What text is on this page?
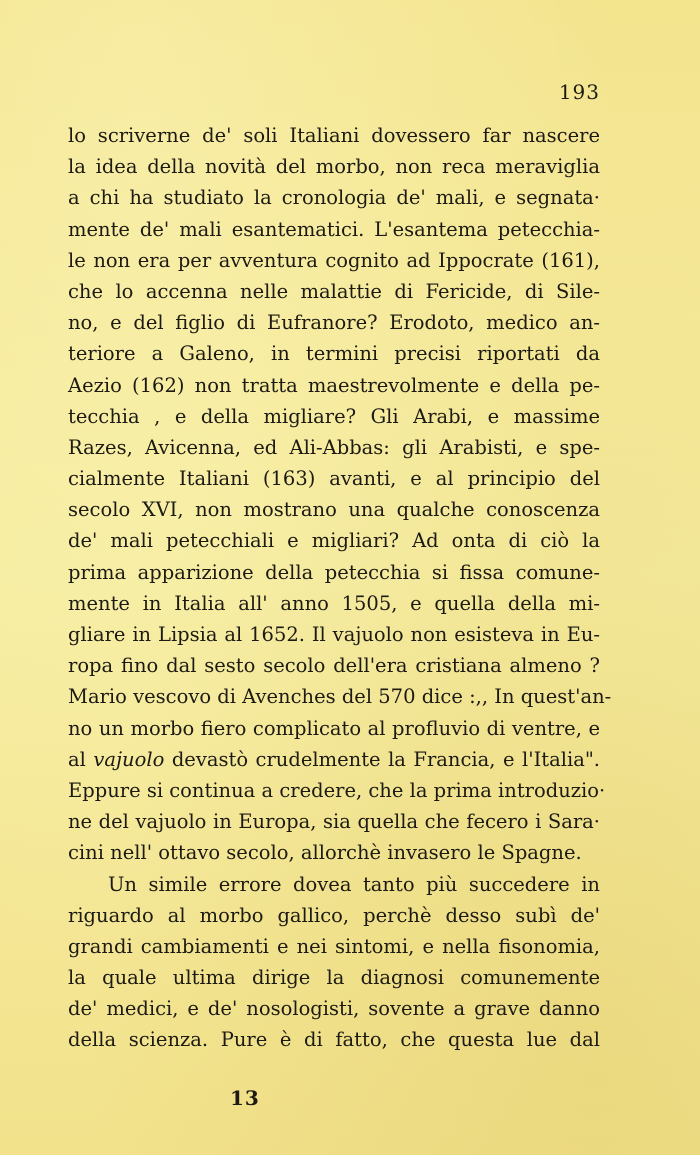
193
lo scriverne de' soli Italiani dovessero far nascere
la idea della novità del morbo, non reca meraviglia
a chi ha studiato la cronologia de' mali, e segnata·
mente de' mali esantematici. L'esantema petecchia-
le non era per avventura cognito ad Ippocrate (161),
che lo accenna nelle malattie di Fericide, di Sile-
no, e del figlio di Eufranore? Erodoto, medico an-
teriore a Galeno, in termini precisi riportati da
Aezio (162) non tratta maestrevolmente e della pe-
tecchia , e della migliare? Gli Arabi, e massime
Razes, Avicenna, ed Ali-Abbas: gli Arabisti, e spe-
cialmente Italiani (163) avanti, e al principio del
secolo XVI, non mostrano una qualche conoscenza
de' mali petecchiali e migliari? Ad onta di ciò la
prima apparizione della petecchia si fissa comune-
mente in Italia all' anno 1505, e quella della mi-
gliare in Lipsia al 1652. Il vajuolo non esisteva in Eu-
ropa fino dal sesto secolo dell'era cristiana almeno ?
Mario vescovo di Avenches del 570 dice :,, In quest'an-
no un morbo fiero complicato al profluvio di ventre, e
al vajuolo devastò crudelmente la Francia, e l'Italia".
Eppure si continua a credere, che la prima introduzio·
ne del vajuolo in Europa, sia quella che fecero i Sara·
cini nell' ottavo secolo, allorchè invasero le Spagne.
Un simile errore dovea tanto più succedere in
riguardo al morbo gallico, perchè desso subì de'
grandi cambiamenti e nei sintomi, e nella fisonomia,
la quale ultima dirige la diagnosi comunemente
de' medici, e de' nosologisti, sovente a grave danno
della scienza. Pure è di fatto, che questa lue dal
13
